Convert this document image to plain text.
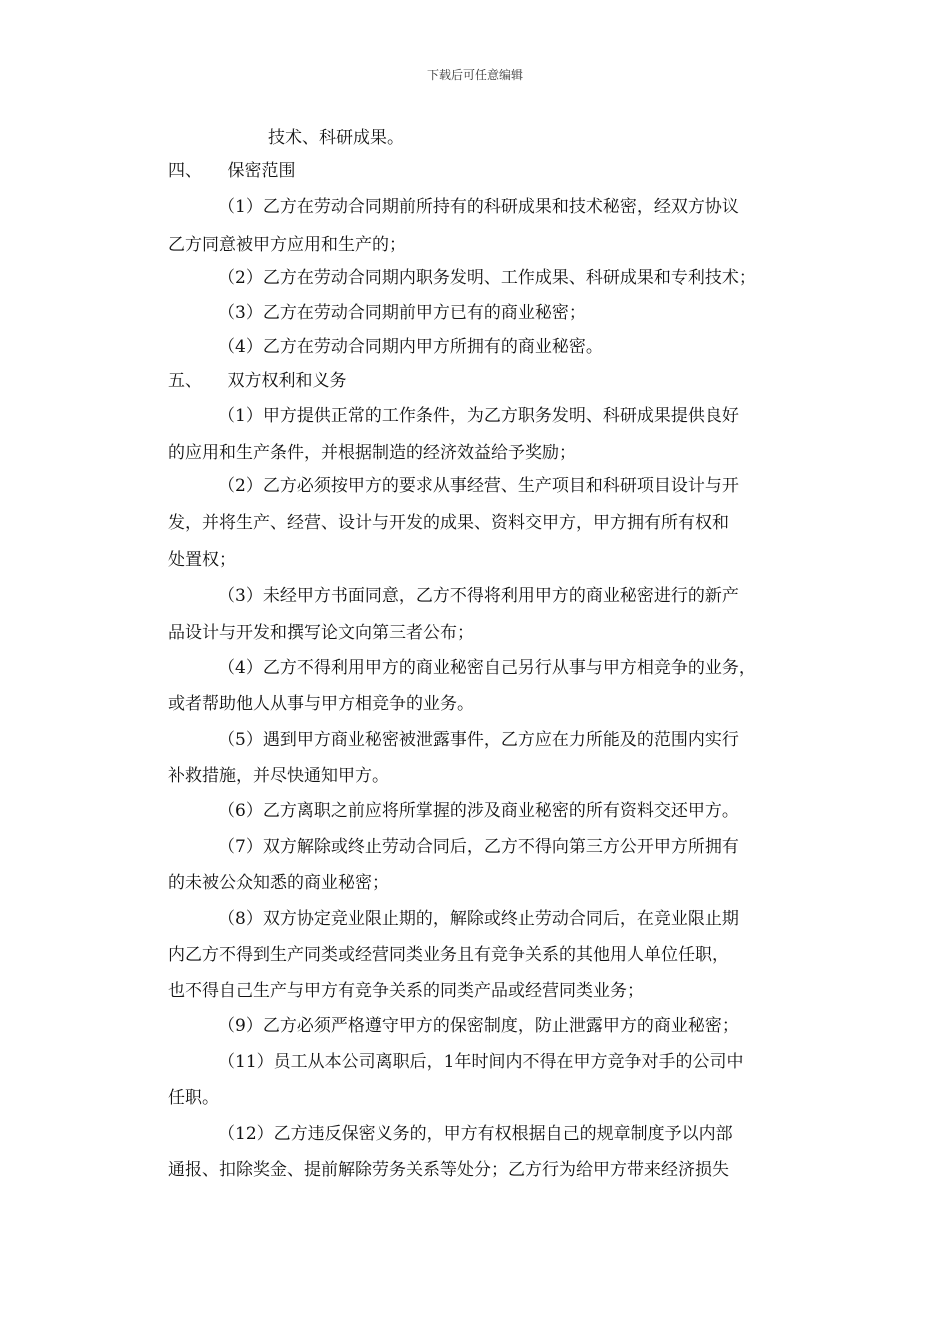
下载后可任意编辑
技术、科研成果。
四、　　保密范围
（1）乙方在劳动合同期前所持有的科研成果和技术秘密，经双方协议
乙方同意被甲方应用和生产的；
（2）乙方在劳动合同期内职务发明、工作成果、科研成果和专利技术；
（3）乙方在劳动合同期前甲方已有的商业秘密；
（4）乙方在劳动合同期内甲方所拥有的商业秘密。
五、　　双方权利和义务
（1）甲方提供正常的工作条件，为乙方职务发明、科研成果提供良好
的应用和生产条件，并根据制造的经济效益给予奖励；
（2）乙方必须按甲方的要求从事经营、生产项目和科研项目设计与开
发，并将生产、经营、设计与开发的成果、资料交甲方，甲方拥有所有权和
处置权；
（3）未经甲方书面同意，乙方不得将利用甲方的商业秘密进行的新产
品设计与开发和撰写论文向第三者公布；
（4）乙方不得利用甲方的商业秘密自己另行从事与甲方相竞争的业务，
或者帮助他人从事与甲方相竞争的业务。
（5）遇到甲方商业秘密被泄露事件，乙方应在力所能及的范围内实行
补救措施，并尽快通知甲方。
（6）乙方离职之前应将所掌握的涉及商业秘密的所有资料交还甲方。
（7）双方解除或终止劳动合同后，乙方不得向第三方公开甲方所拥有
的未被公众知悉的商业秘密；
（8）双方协定竞业限止期的，解除或终止劳动合同后，在竞业限止期
内乙方不得到生产同类或经营同类业务且有竞争关系的其他用人单位任职，
也不得自己生产与甲方有竞争关系的同类产品或经营同类业务；
（9）乙方必须严格遵守甲方的保密制度，防止泄露甲方的商业秘密；
（11）员工从本公司离职后，1年时间内不得在甲方竞争对手的公司中
任职。
（12）乙方违反保密义务的，甲方有权根据自己的规章制度予以内部
通报、扣除奖金、提前解除劳务关系等处分；乙方行为给甲方带来经济损失
